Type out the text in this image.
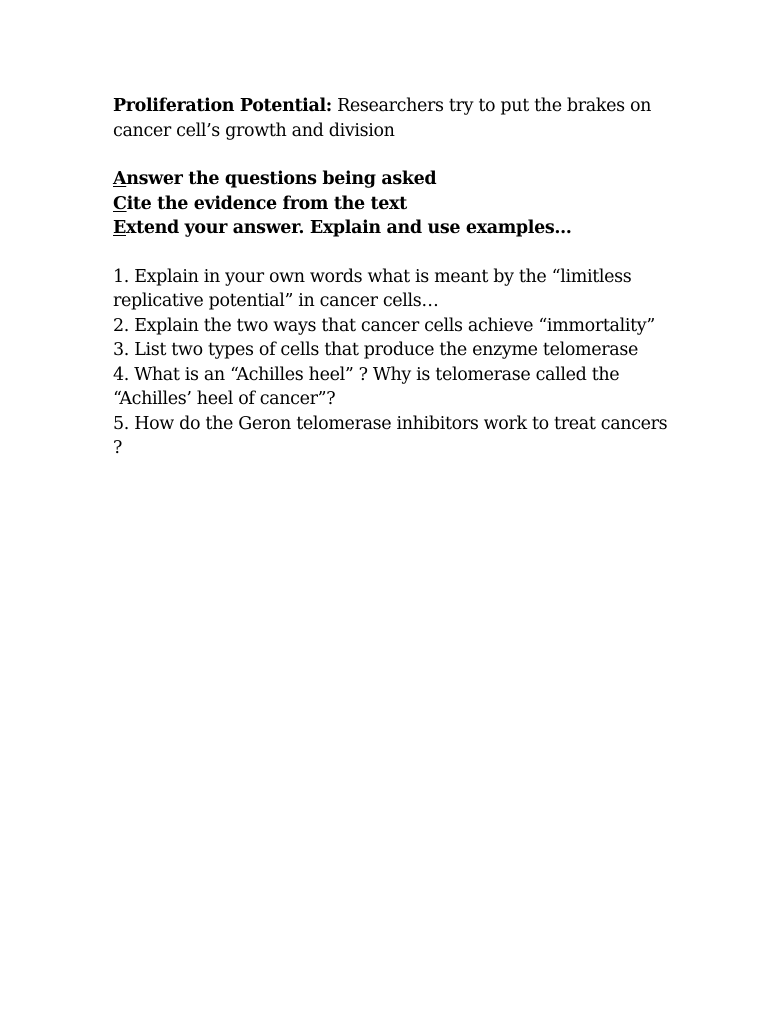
Proliferation Potential: Researchers try to put the brakes on cancer cell’s growth and division
Answer the questions being asked
Cite the evidence from the text
Extend your answer. Explain and use examples…

1. Explain in your own words what is meant by the “limitless replicative potential” in cancer cells…

2. Explain the two ways that cancer cells achieve “immortality”

3. List two types of cells that produce the enzyme telomerase

4. What is an “Achilles heel” ? Why is telomerase called the “Achilles’ heel of cancer”?

5. How do the Geron telomerase inhibitors work to treat cancers ?
